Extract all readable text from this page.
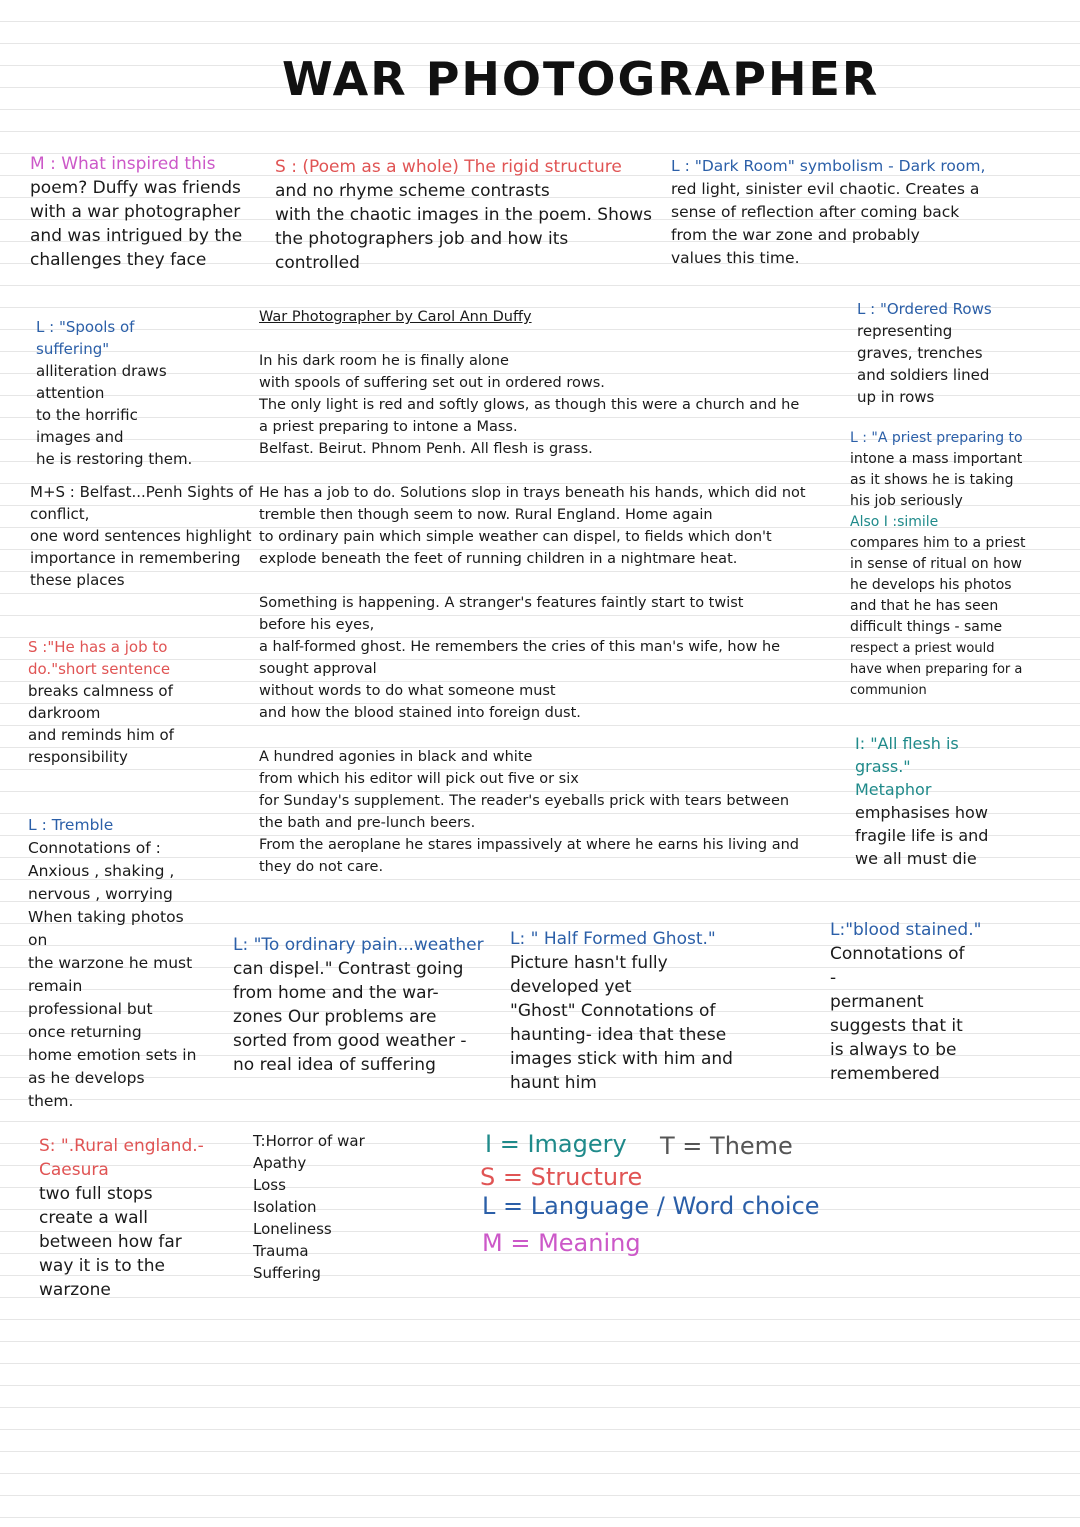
WAR PHOTOGRAPHER
M : What inspired this
poem? Duffy was friends
with a war photographer
and was intrigued by the
challenges they face
S : (Poem as a whole) The rigid structure
and no rhyme scheme contrasts
with the chaotic images in the poem. Shows
the photographers job and how its
controlled
L : "Dark Room" symbolism - Dark room,
red light, sinister evil chaotic. Creates a
sense of reflection after coming back
from the war zone and probably
values this time.
War Photographer by Carol Ann Duffy
In his dark room he is finally alone
with spools of suffering set out in ordered rows.
The only light is red and softly glows, as though this were a church and he
a priest preparing to intone a Mass.
Belfast. Beirut. Phnom Penh. All flesh is grass.
He has a job to do. Solutions slop in trays beneath his hands, which did not
tremble then though seem to now. Rural England. Home again
to ordinary pain which simple weather can dispel, to fields which don't
explode beneath the feet of running children in a nightmare heat.
Something is happening. A stranger's features faintly start to twist
before his eyes,
a half-formed ghost. He remembers the cries of this man's wife, how he
sought approval
without words to do what someone must
and how the blood stained into foreign dust.
A hundred agonies in black and white
from which his editor will pick out five or six
for Sunday's supplement. The reader's eyeballs prick with tears between
the bath and pre-lunch beers.
From the aeroplane he stares impassively at where he earns his living and
they do not care.
L : "Spools of
suffering"
alliteration draws
attention
to the horrific
images and
he is restoring them.
L : "Ordered Rows
representing
graves, trenches
and soldiers lined
up in rows
L : "A priest preparing to
intone a mass important
as it shows he is taking
his job seriously
Also I :simile
compares him to a priest
in sense of ritual on how
he develops his photos
and that he has seen
difficult things - same
respect a priest would
have when preparing for a
communion
M+S : Belfast...Penh Sights of
conflict,
one word sentences highlight
importance in remembering
these places
S :"He has a job to
do."short sentence
breaks calmness of
darkroom
and reminds him of
responsibility
I: "All flesh is
grass."
Metaphor
emphasises how
fragile life is and
we all must die
L : Tremble
Connotations of :
Anxious , shaking ,
nervous , worrying
When taking photos
on
the warzone he must
remain
professional but
once returning
home emotion sets in
as he develops
them.
L: "To ordinary pain...weather
can dispel." Contrast going
from home and the war-
zones Our problems are
sorted from good weather -
no real idea of suffering
L: " Half Formed Ghost."
Picture hasn't fully
developed yet
"Ghost" Connotations of
haunting- idea that these
images stick with him and
haunt him
L:"blood stained."
Connotations of
-
permanent
suggests that it
is always to be
remembered
S: ".Rural england.-
Caesura
two full stops
create a wall
between how far
way it is to the
warzone
T:Horror of war
Apathy
Loss
Isolation
Loneliness
Trauma
Suffering
I = Imagery T = Theme
S = Structure
L = Language / Word choice
M = Meaning
